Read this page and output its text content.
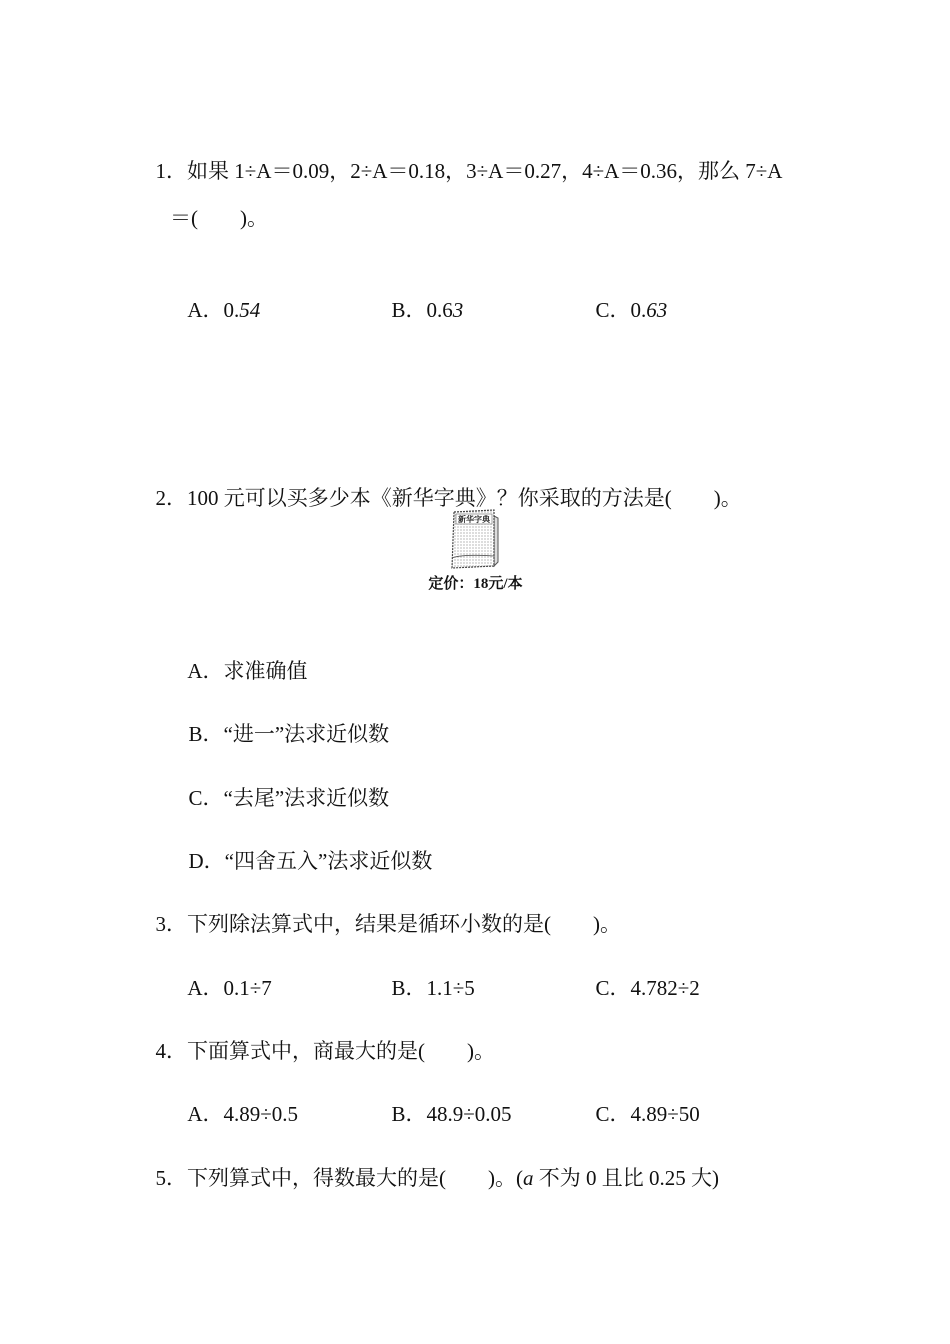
1．如果 1÷A＝0.09，2÷A＝0.18，3÷A＝0.27，4÷A＝0.36，那么 7÷A

＝(　　)。

A．0.54	B．0.63	C．0.63

2．100 元可以买多少本《新华字典》？你采取的方法是(　　)。

新华字典
定价：18元/本

A．求准确值

B．“进一”法求近似数

C．“去尾”法求近似数

D．“四舍五入”法求近似数

3．下列除法算式中，结果是循环小数的是(　　)。

A．0.1÷7	B．1.1÷5	C．4.782÷2

4．下面算式中，商最大的是(　　)。

A．4.89÷0.5	B．48.9÷0.05	C．4.89÷50

5．下列算式中，得数最大的是(　　)。(a 不为 0 且比 0.25 大)
